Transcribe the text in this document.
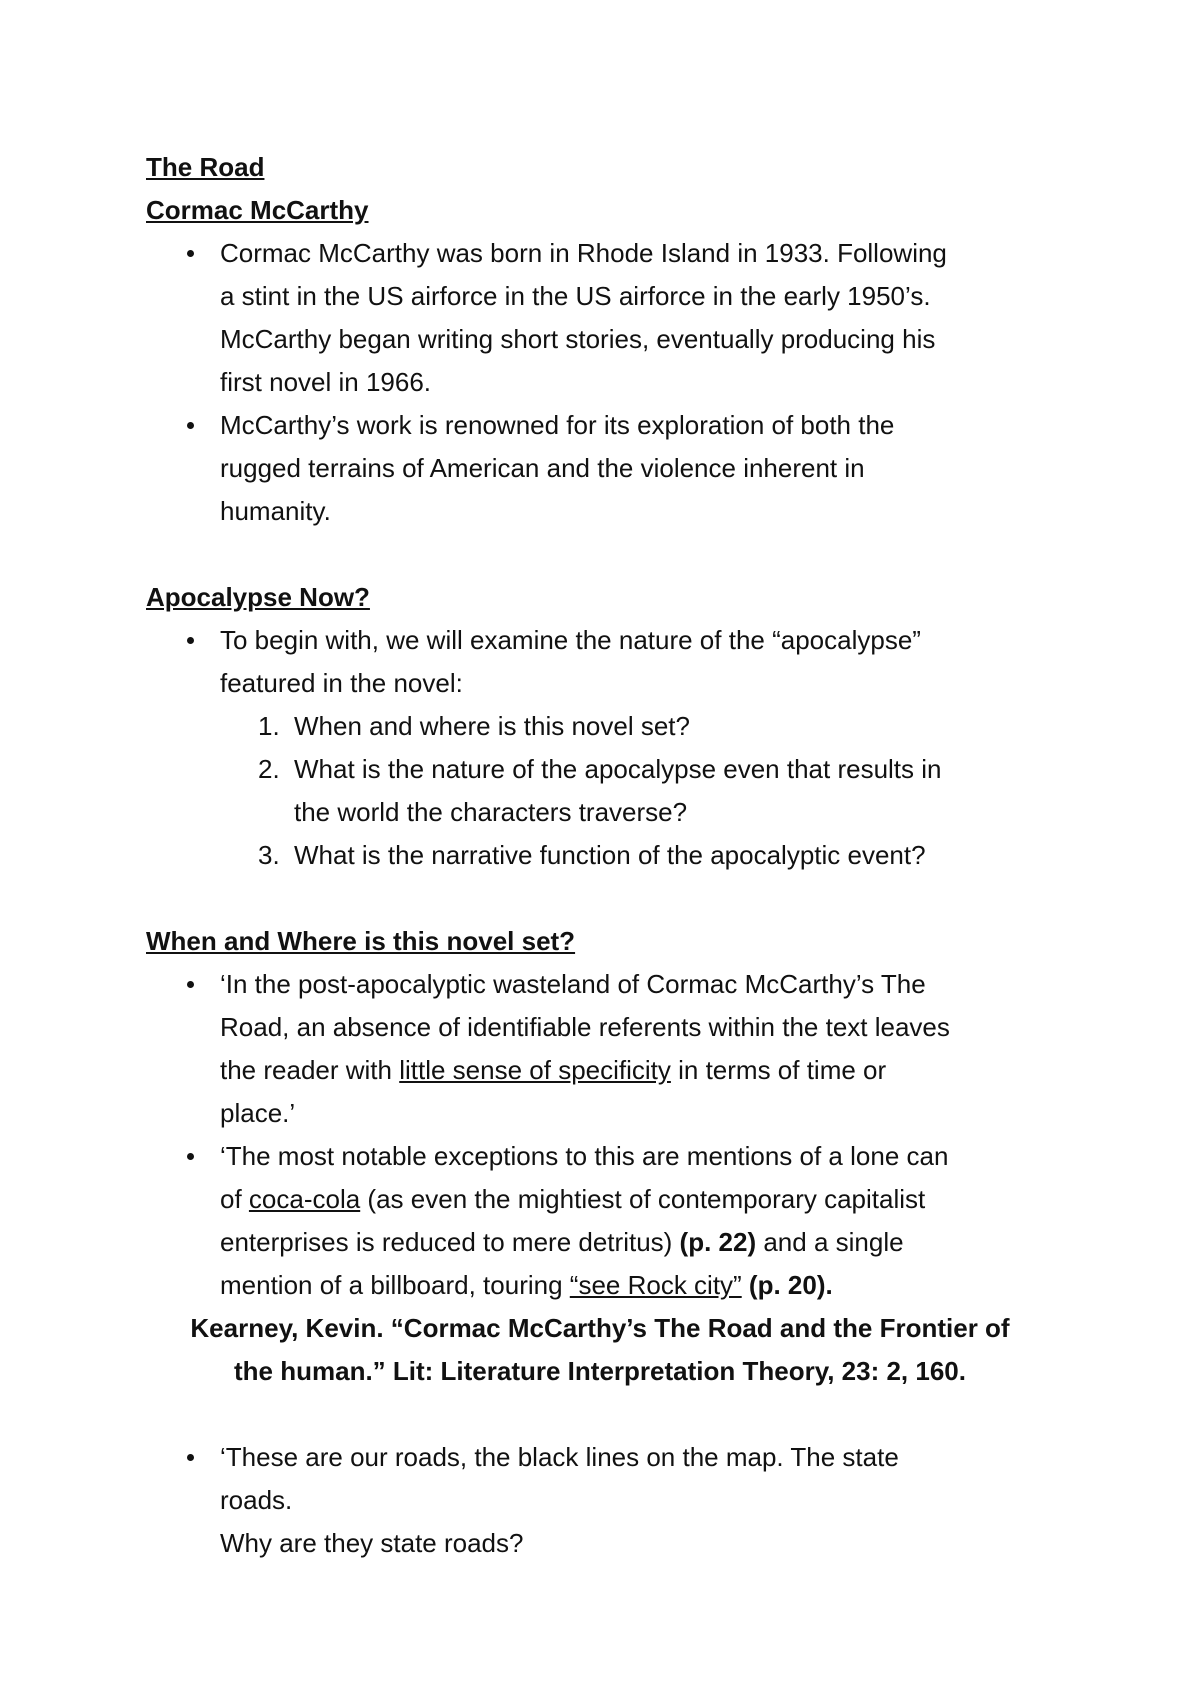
The Road
Cormac McCarthy
Cormac McCarthy was born in Rhode Island in 1933. Following
a stint in the US airforce in the US airforce in the early 1950’s.
McCarthy began writing short stories, eventually producing his
first novel in 1966.
McCarthy’s work is renowned for its exploration of both the
rugged terrains of American and the violence inherent in
humanity.
Apocalypse Now?
To begin with, we will examine the nature of the “apocalypse”
featured in the novel:
1. When and where is this novel set?
2. What is the nature of the apocalypse even that results in
the world the characters traverse?
3. What is the narrative function of the apocalyptic event?
When and Where is this novel set?
‘In the post-apocalyptic wasteland of Cormac McCarthy’s The
Road, an absence of identifiable referents within the text leaves
the reader with little sense of specificity in terms of time or
place.’
‘The most notable exceptions to this are mentions of a lone can
of coca-cola (as even the mightiest of contemporary capitalist
enterprises is reduced to mere detritus) (p. 22) and a single
mention of a billboard, touring “see Rock city” (p. 20).
Kearney, Kevin. “Cormac McCarthy’s The Road and the Frontier of
the human.” Lit: Literature Interpretation Theory, 23: 2, 160.
‘These are our roads, the black lines on the map. The state
roads.
Why are they state roads?
